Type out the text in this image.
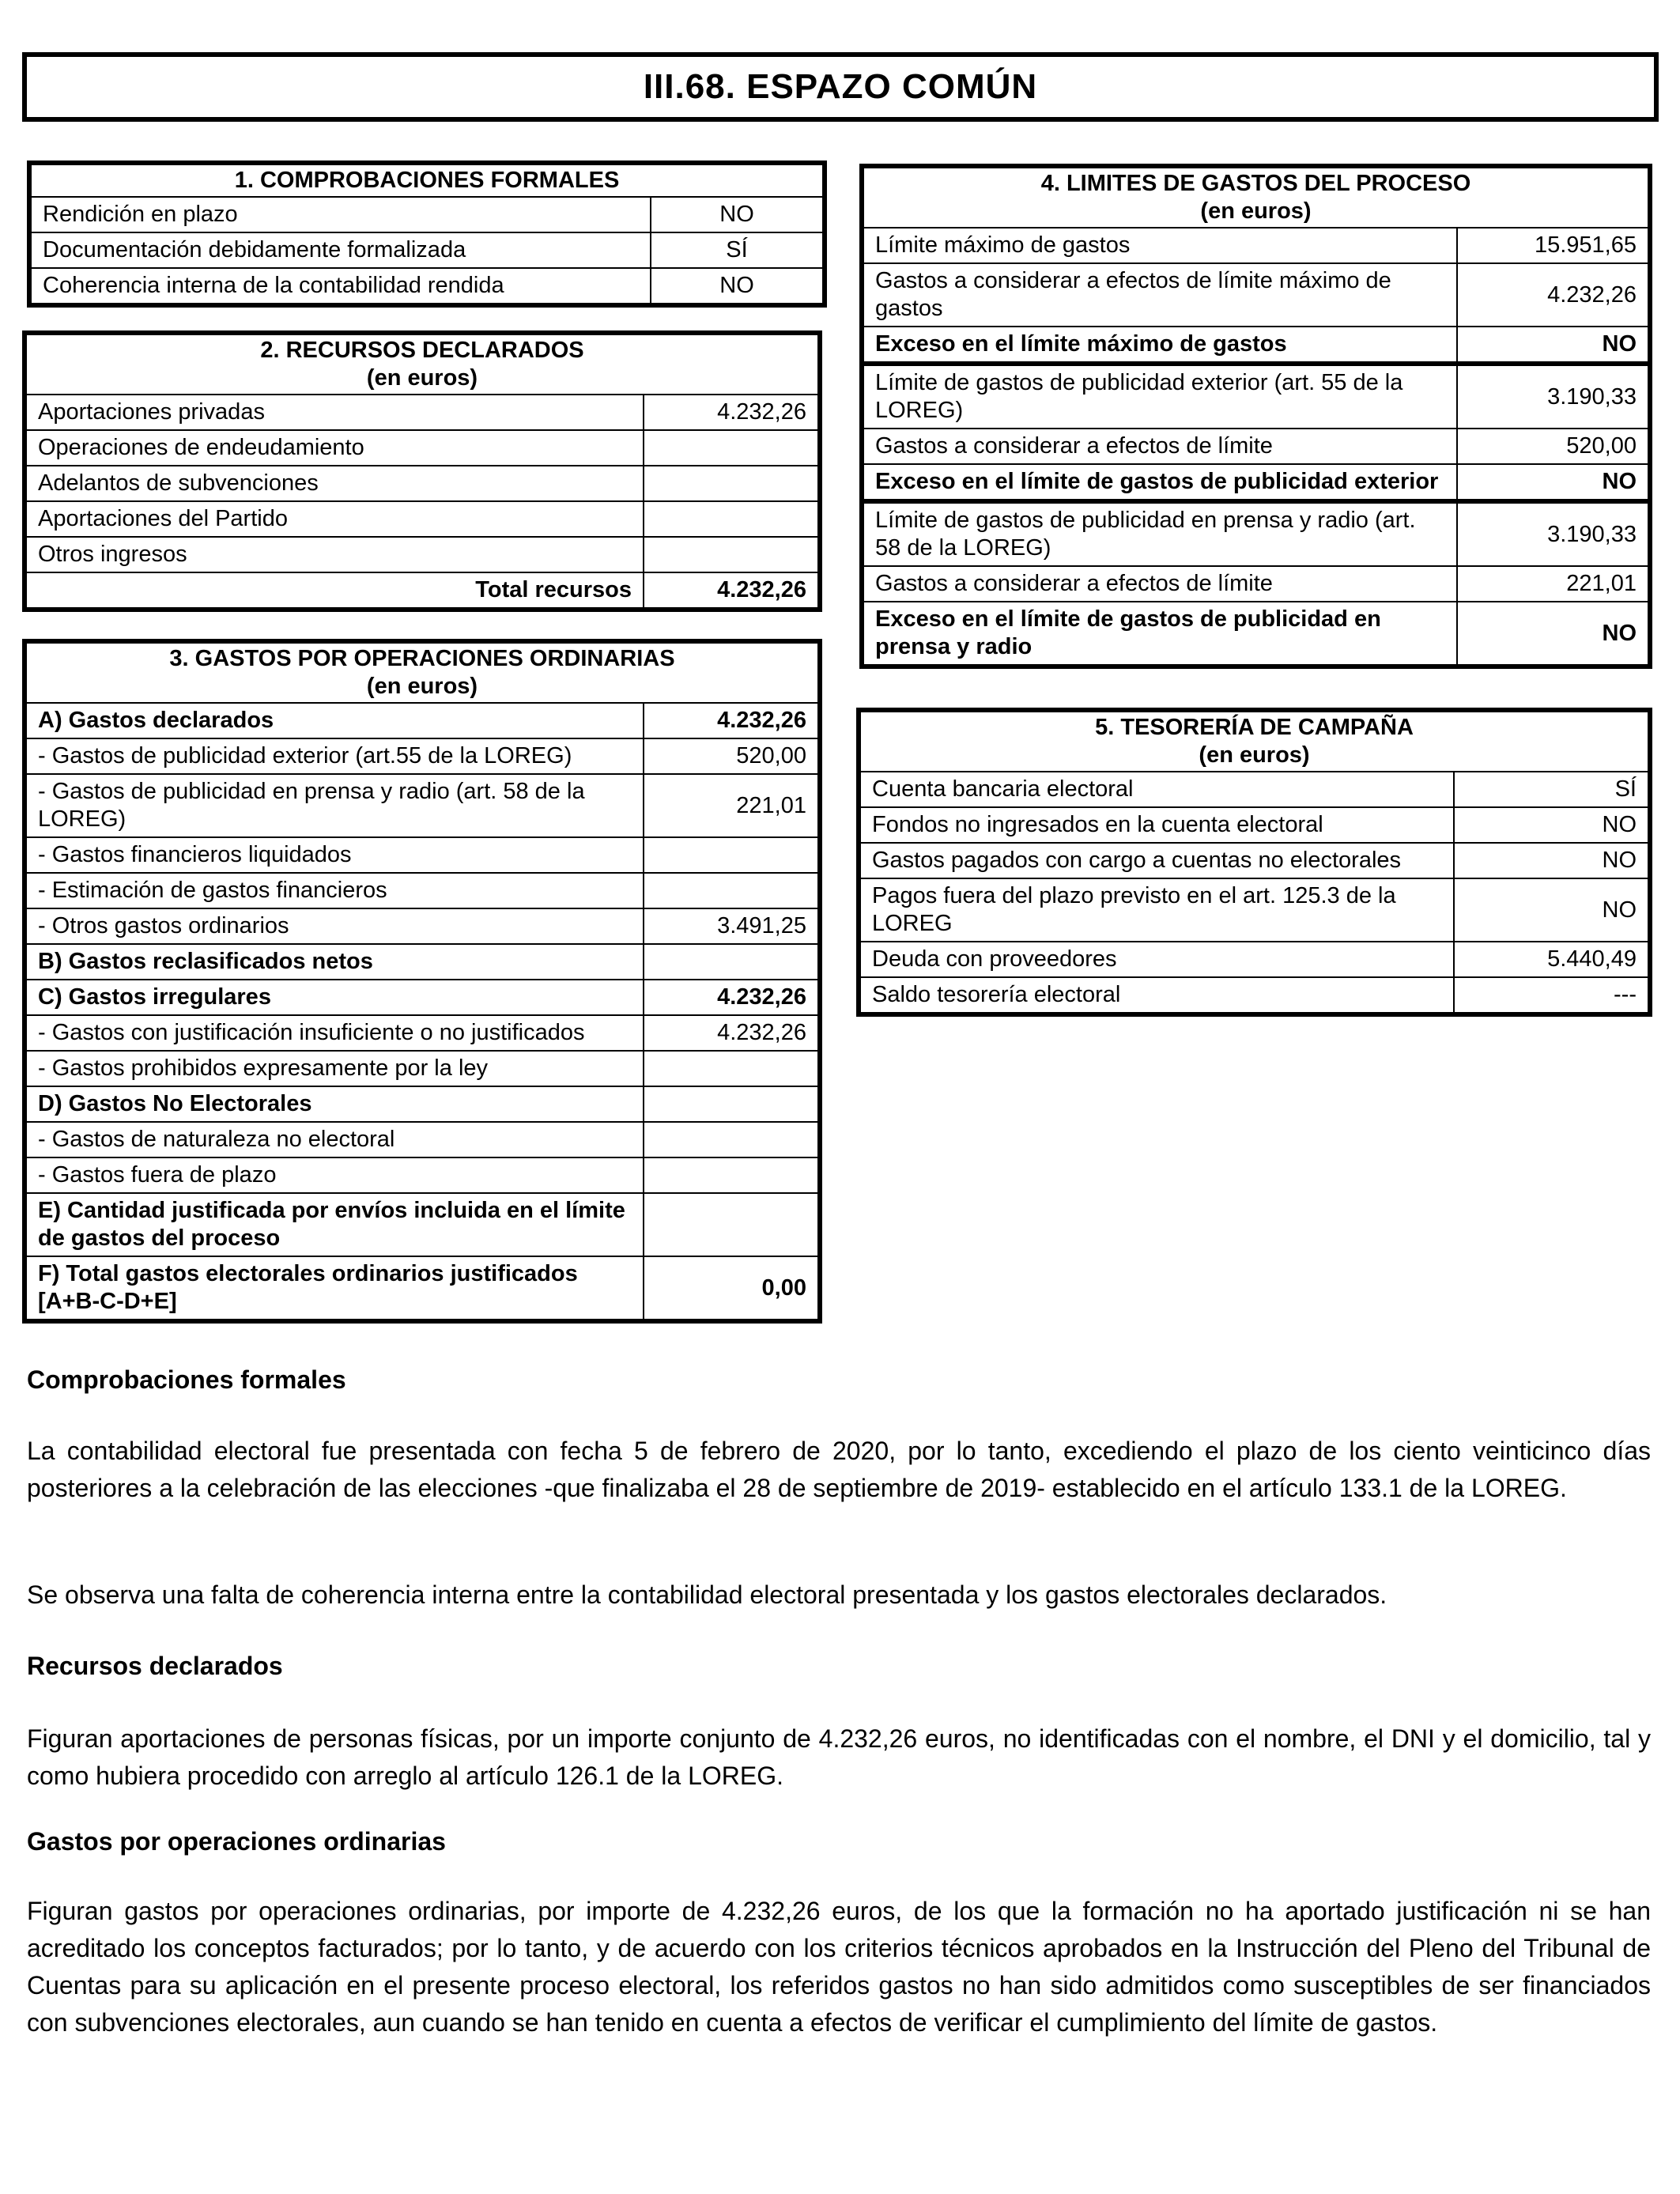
III.68. ESPAZO COMÚN
1. COMPROBACIONES FORMALES	
Rendición en plazo	NO
Documentación debidamente formalizada	SÍ
Coherencia interna de la contabilidad rendida	NO
2. RECURSOS DECLARADOS
(en euros)	

Aportaciones privadas	4.232,26
Operaciones de endeudamiento	
Adelantos de subvenciones	
Aportaciones del Partido	
Otros ingresos	
Total recursos	4.232,26
3. GASTOS POR OPERACIONES ORDINARIAS
(en euros)	

A) Gastos declarados	4.232,26
- Gastos de publicidad exterior (art.55 de la LOREG)	520,00
- Gastos de publicidad en prensa y radio (art. 58 de la LOREG)	221,01
- Gastos financieros liquidados	
- Estimación de gastos financieros	
- Otros gastos ordinarios	3.491,25
B) Gastos reclasificados netos	
C) Gastos irregulares	4.232,26
- Gastos con justificación insuficiente o no justificados	4.232,26
- Gastos prohibidos expresamente por la ley	
D) Gastos No Electorales	
- Gastos de naturaleza no electoral	
- Gastos fuera de plazo	
E) Cantidad justificada por envíos incluida en el límite de gastos del proceso	
F) Total gastos electorales ordinarios justificados [A+B-C-D+E]	0,00
4. LIMITES DE GASTOS DEL PROCESO
(en euros)	

Límite máximo de gastos	15.951,65
Gastos a considerar a efectos de límite máximo de gastos	4.232,26
Exceso en el límite máximo de gastos	NO
Límite de gastos de publicidad exterior (art. 55 de la LOREG)	3.190,33
Gastos a considerar a efectos de límite	520,00
Exceso en el límite de gastos de publicidad exterior	NO
Límite de gastos de publicidad en prensa y radio (art. 58 de la LOREG)	3.190,33
Gastos a considerar a efectos de límite	221,01
Exceso en el límite de gastos de publicidad en prensa y radio	NO
5. TESORERÍA DE CAMPAÑA
(en euros)	

Cuenta bancaria electoral	SÍ
Fondos no ingresados en la cuenta electoral	NO
Gastos pagados con cargo a cuentas no electorales	NO
Pagos fuera del plazo previsto en el art. 125.3 de la LOREG	NO
Deuda con proveedores	5.440,49
Saldo tesorería electoral	---
Comprobaciones formales
La contabilidad electoral fue presentada con fecha 5 de febrero de 2020, por lo tanto, excediendo el plazo de los ciento veinticinco días posteriores a la celebración de las elecciones -que finalizaba el 28 de septiembre de 2019- establecido en el artículo 133.1 de la LOREG.
Se observa una falta de coherencia interna entre la contabilidad electoral presentada y los gastos electorales declarados.
Recursos declarados
Figuran aportaciones de personas físicas, por un importe conjunto de 4.232,26 euros, no identificadas con el nombre, el DNI y el domicilio, tal y como hubiera procedido con arreglo al artículo 126.1 de la LOREG.
Gastos por operaciones ordinarias
Figuran gastos por operaciones ordinarias, por importe de 4.232,26 euros, de los que la formación no ha aportado justificación ni se han acreditado los conceptos facturados; por lo tanto, y de acuerdo con los criterios técnicos aprobados en la Instrucción del Pleno del Tribunal de Cuentas para su aplicación en el presente proceso electoral, los referidos gastos no han sido admitidos como susceptibles de ser financiados con subvenciones electorales, aun cuando se han tenido en cuenta a efectos de verificar el cumplimiento del límite de gastos.
